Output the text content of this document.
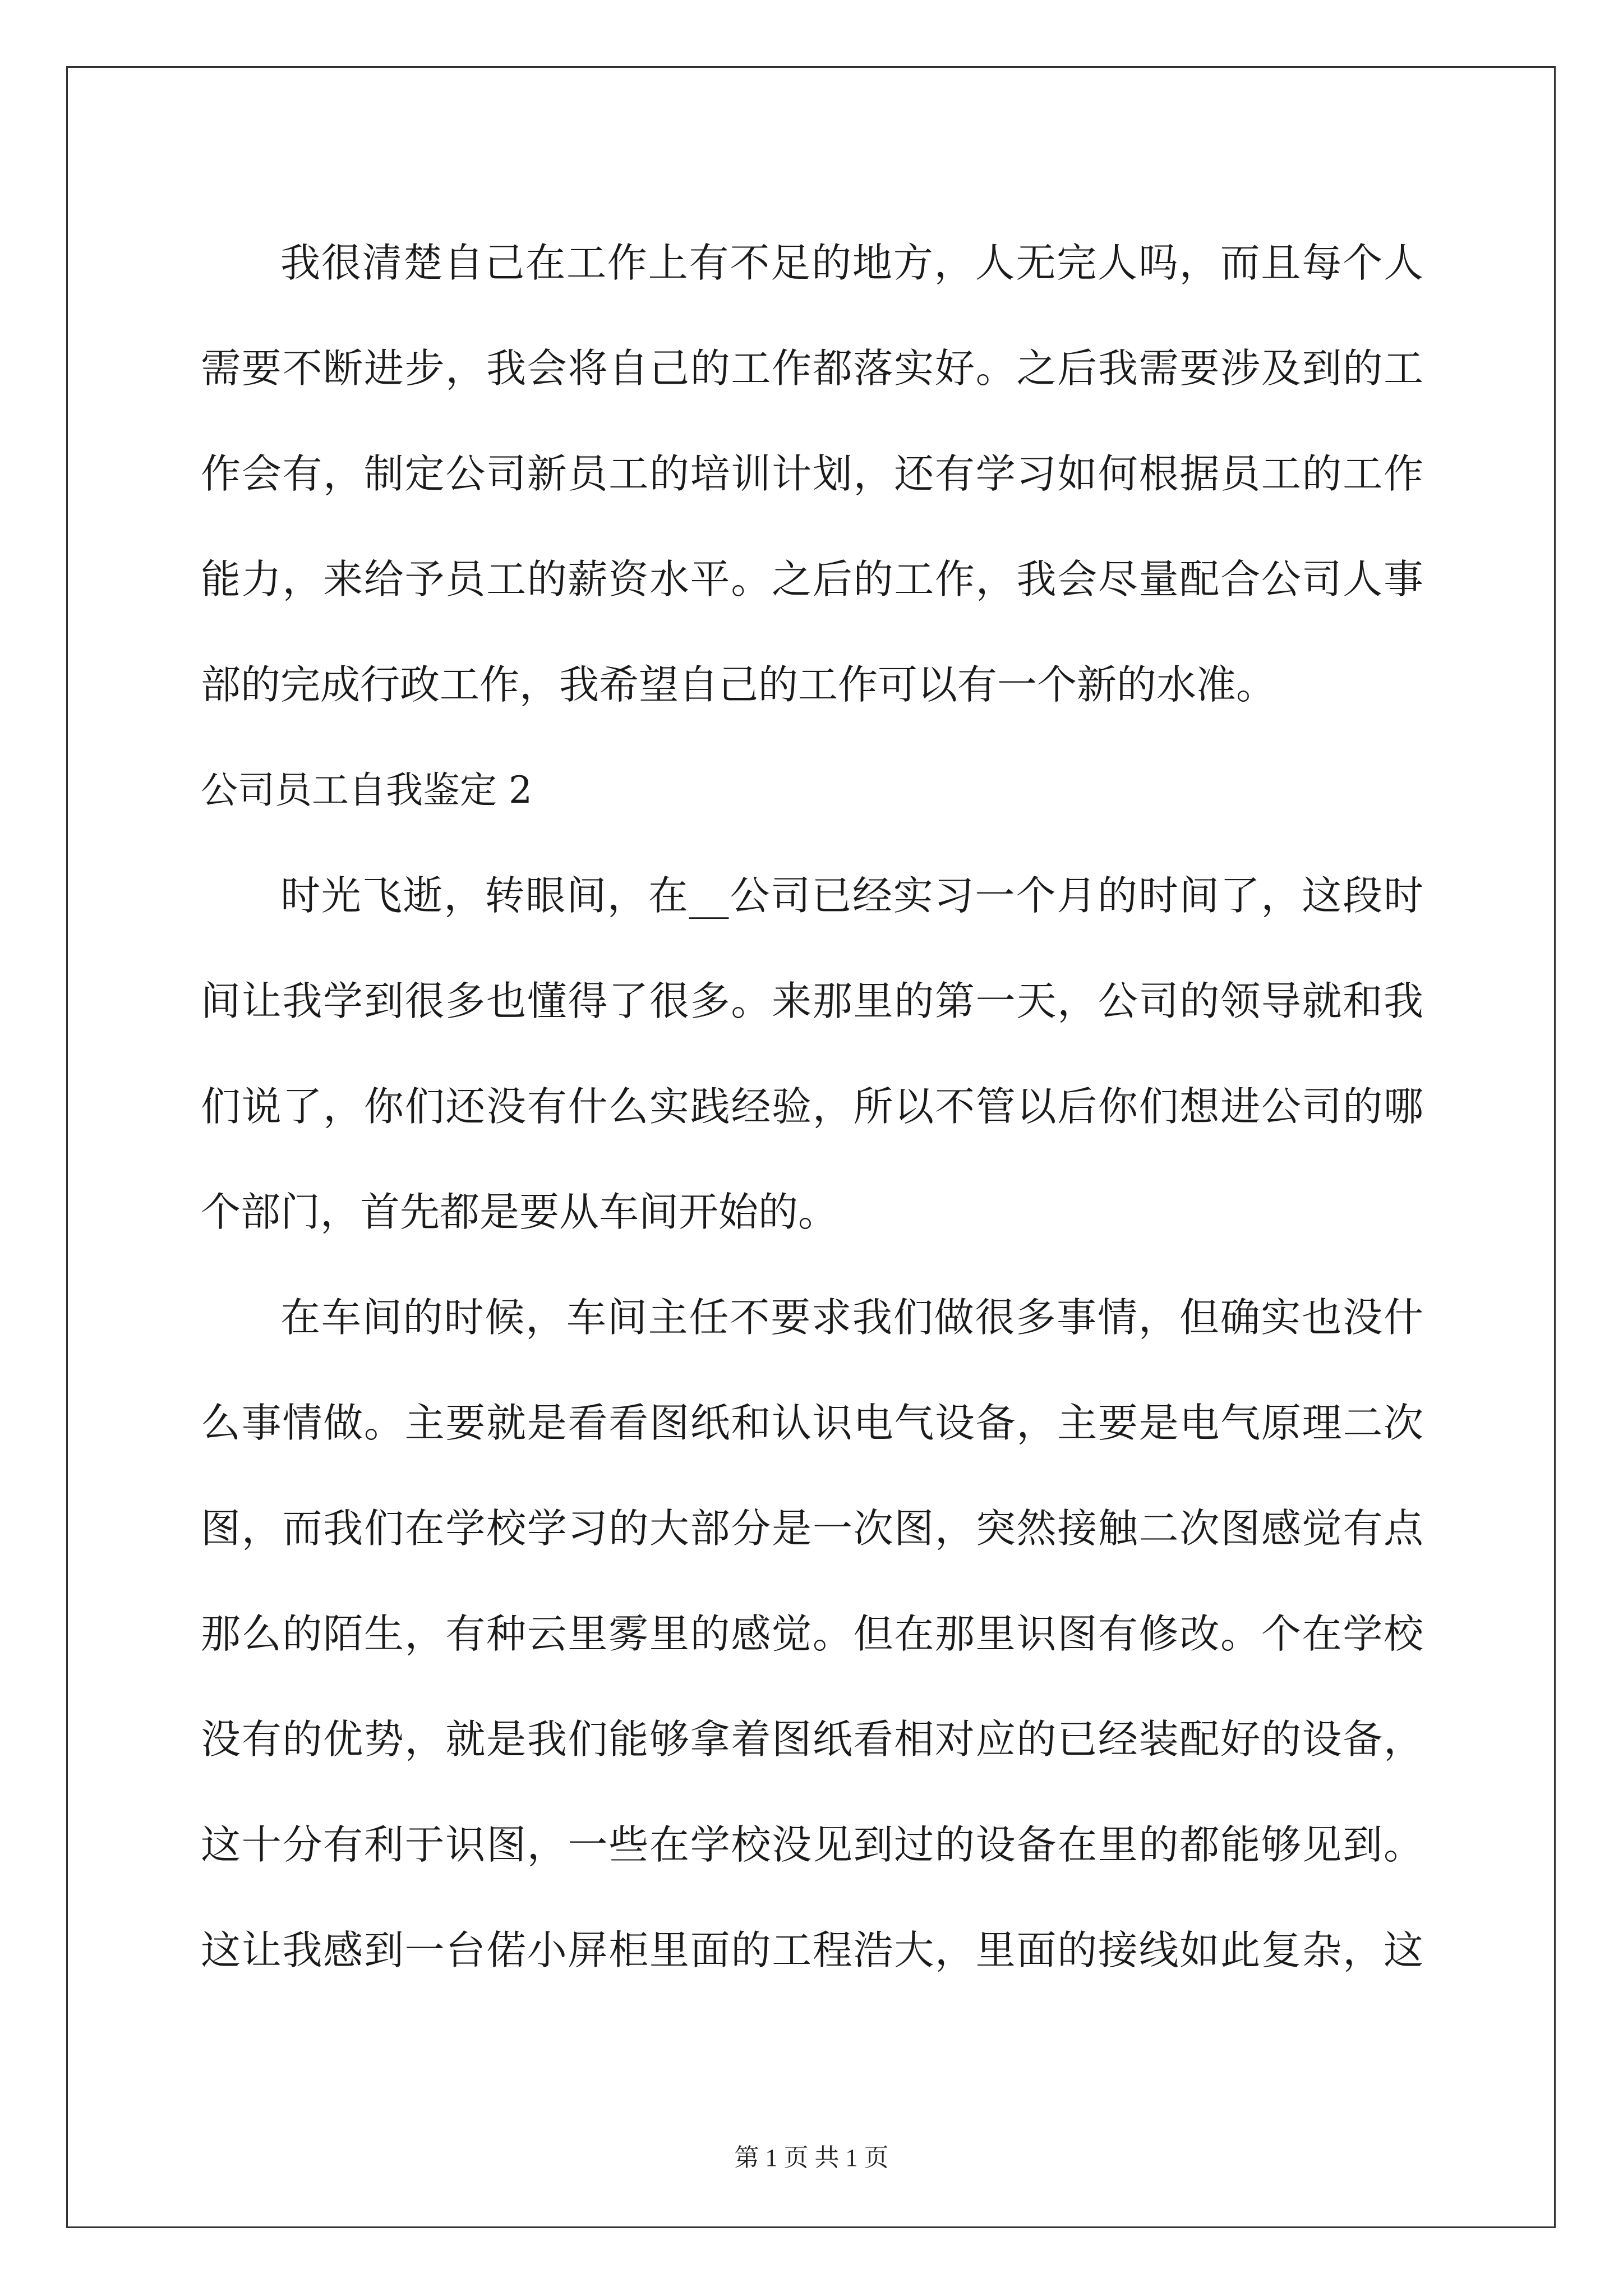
我很清楚自己在工作上有不足的地方，人无完人吗，而且每个人
需要不断进步，我会将自己的工作都落实好。之后我需要涉及到的工
作会有，制定公司新员工的培训计划，还有学习如何根据员工的工作
能力，来给予员工的薪资水平。之后的工作，我会尽量配合公司人事
部的完成行政工作，我希望自己的工作可以有一个新的水准。
公司员工自我鉴定 2
时光飞逝，转眼间，在__公司已经实习一个月的时间了，这段时
间让我学到很多也懂得了很多。来那里的第一天，公司的领导就和我
们说了，你们还没有什么实践经验，所以不管以后你们想进公司的哪
个部门，首先都是要从车间开始的。
在车间的时候，车间主任不要求我们做很多事情，但确实也没什
么事情做。主要就是看看图纸和认识电气设备，主要是电气原理二次
图，而我们在学校学习的大部分是一次图，突然接触二次图感觉有点
那么的陌生，有种云里雾里的感觉。但在那里识图有修改。个在学校
没有的优势，就是我们能够拿着图纸看相对应的已经装配好的设备，
这十分有利于识图，一些在学校没见到过的设备在里的都能够见到。
这让我感到一台偌小屏柜里面的工程浩大，里面的接线如此复杂，这
第 1 页 共 1 页
